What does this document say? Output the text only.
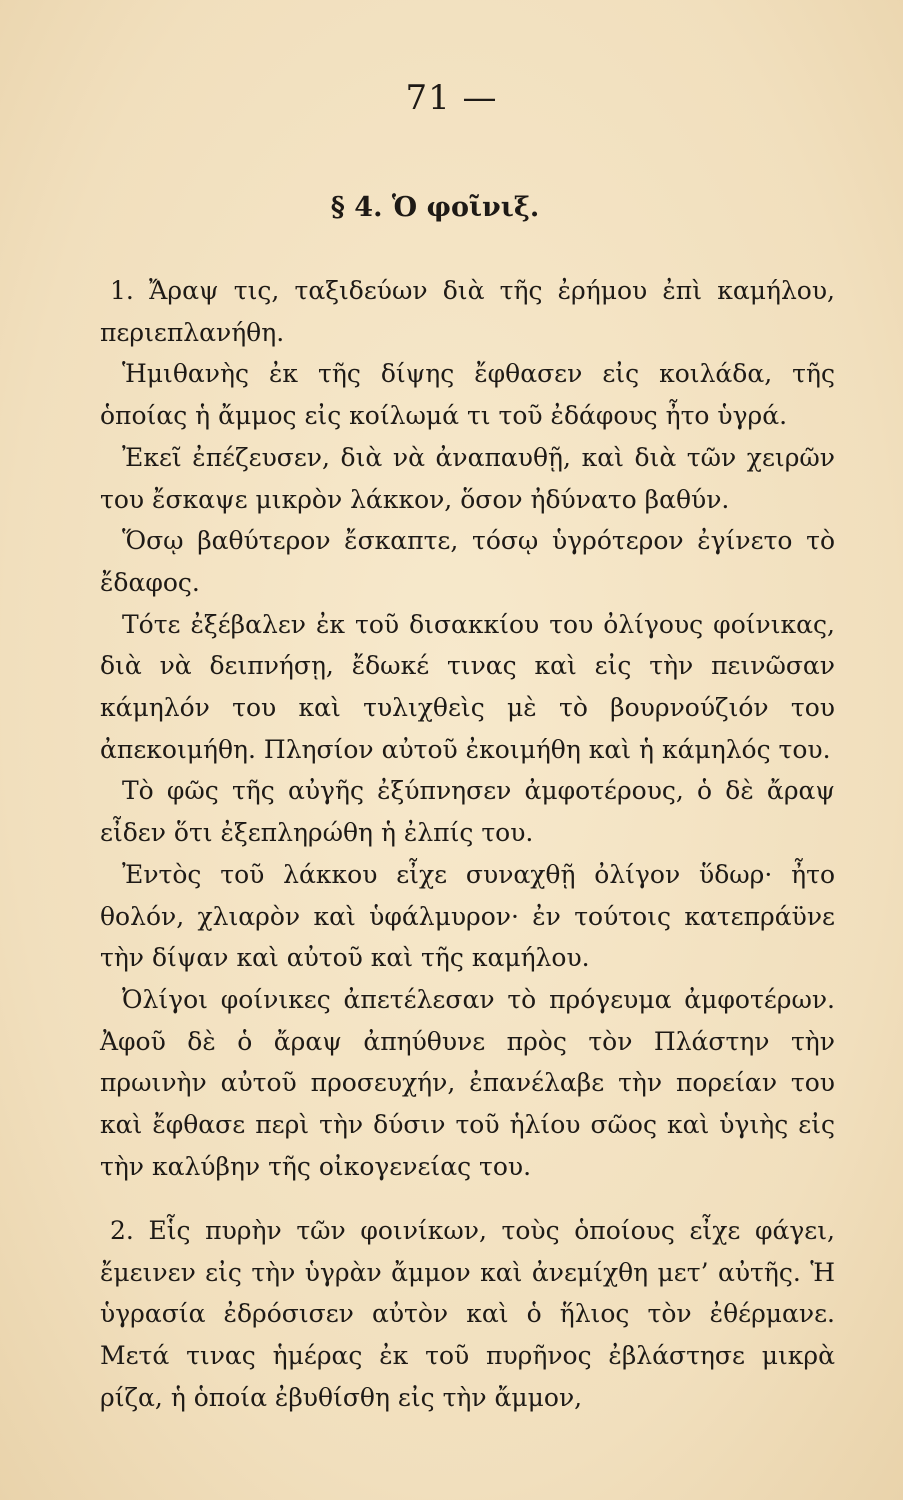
71 —
§ 4. Ὁ φοῖνιξ.

1. Ἄραψ τις, ταξιδεύων διὰ τῆς ἐρήμου ἐπὶ καμήλου, περιεπλανήθη.

Ἡμιθανὴς ἐκ τῆς δίψης ἔφθασεν εἰς κοιλάδα, τῆς ὁποίας ἡ ἄμμος εἰς κοίλωμά τι τοῦ ἐδάφους ἦτο ὑγρά.

Ἐκεῖ ἐπέζευσεν, διὰ νὰ ἀναπαυθῇ, καὶ διὰ τῶν χειρῶν του ἔσκαψε μικρὸν λάκκον, ὅσον ἠδύνατο βαθύν.

Ὅσῳ βαθύτερον ἔσκαπτε, τόσῳ ὑγρότερον ἐγίνετο τὸ ἔδαφος.

Τότε ἐξέβαλεν ἐκ τοῦ δισακκίου του ὀλίγους φοίνικας, διὰ νὰ δειπνήσῃ, ἔδωκέ τινας καὶ εἰς τὴν πεινῶσαν κάμηλόν του καὶ τυλιχθεὶς μὲ τὸ βουρνούζιόν του ἀπεκοιμήθη. Πλησίον αὐτοῦ ἐκοιμήθη καὶ ἡ κάμηλός του.

Τὸ φῶς τῆς αὐγῆς ἐξύπνησεν ἀμφοτέρους, ὁ δὲ ἄραψ εἶδεν ὅτι ἐξεπληρώθη ἡ ἐλπίς του.

Ἐντὸς τοῦ λάκκου εἶχε συναχθῇ ὀλίγον ὕδωρ· ἦτο θολόν, χλιαρὸν καὶ ὑφάλμυρον· ἐν τούτοις κατεπράϋνε τὴν δίψαν καὶ αὐτοῦ καὶ τῆς καμήλου.

Ὀλίγοι φοίνικες ἀπετέλεσαν τὸ πρόγευμα ἀμφοτέρων. Ἀφοῦ δὲ ὁ ἄραψ ἀπηύθυνε πρὸς τὸν Πλάστην τὴν πρωινὴν αὐτοῦ προσευχήν, ἐπανέλαβε τὴν πορείαν του καὶ ἔφθασε περὶ τὴν δύσιν τοῦ ἡλίου σῶος καὶ ὑγιὴς εἰς τὴν καλύβην τῆς οἰκογενείας του.

2. Εἷς πυρὴν τῶν φοινίκων, τοὺς ὁποίους εἶχε φάγει, ἔμεινεν εἰς τὴν ὑγρὰν ἄμμον καὶ ἀνεμίχθη μετ’ αὐτῆς. Ἡ ὑγρασία ἐδρόσισεν αὐτὸν καὶ ὁ ἥλιος τὸν ἐθέρμανε. Μετά τινας ἡμέρας ἐκ τοῦ πυρῆνος ἐβλάστησε μικρὰ ρίζα, ἡ ὁποία ἐβυθίσθη εἰς τὴν ἄμμον,
